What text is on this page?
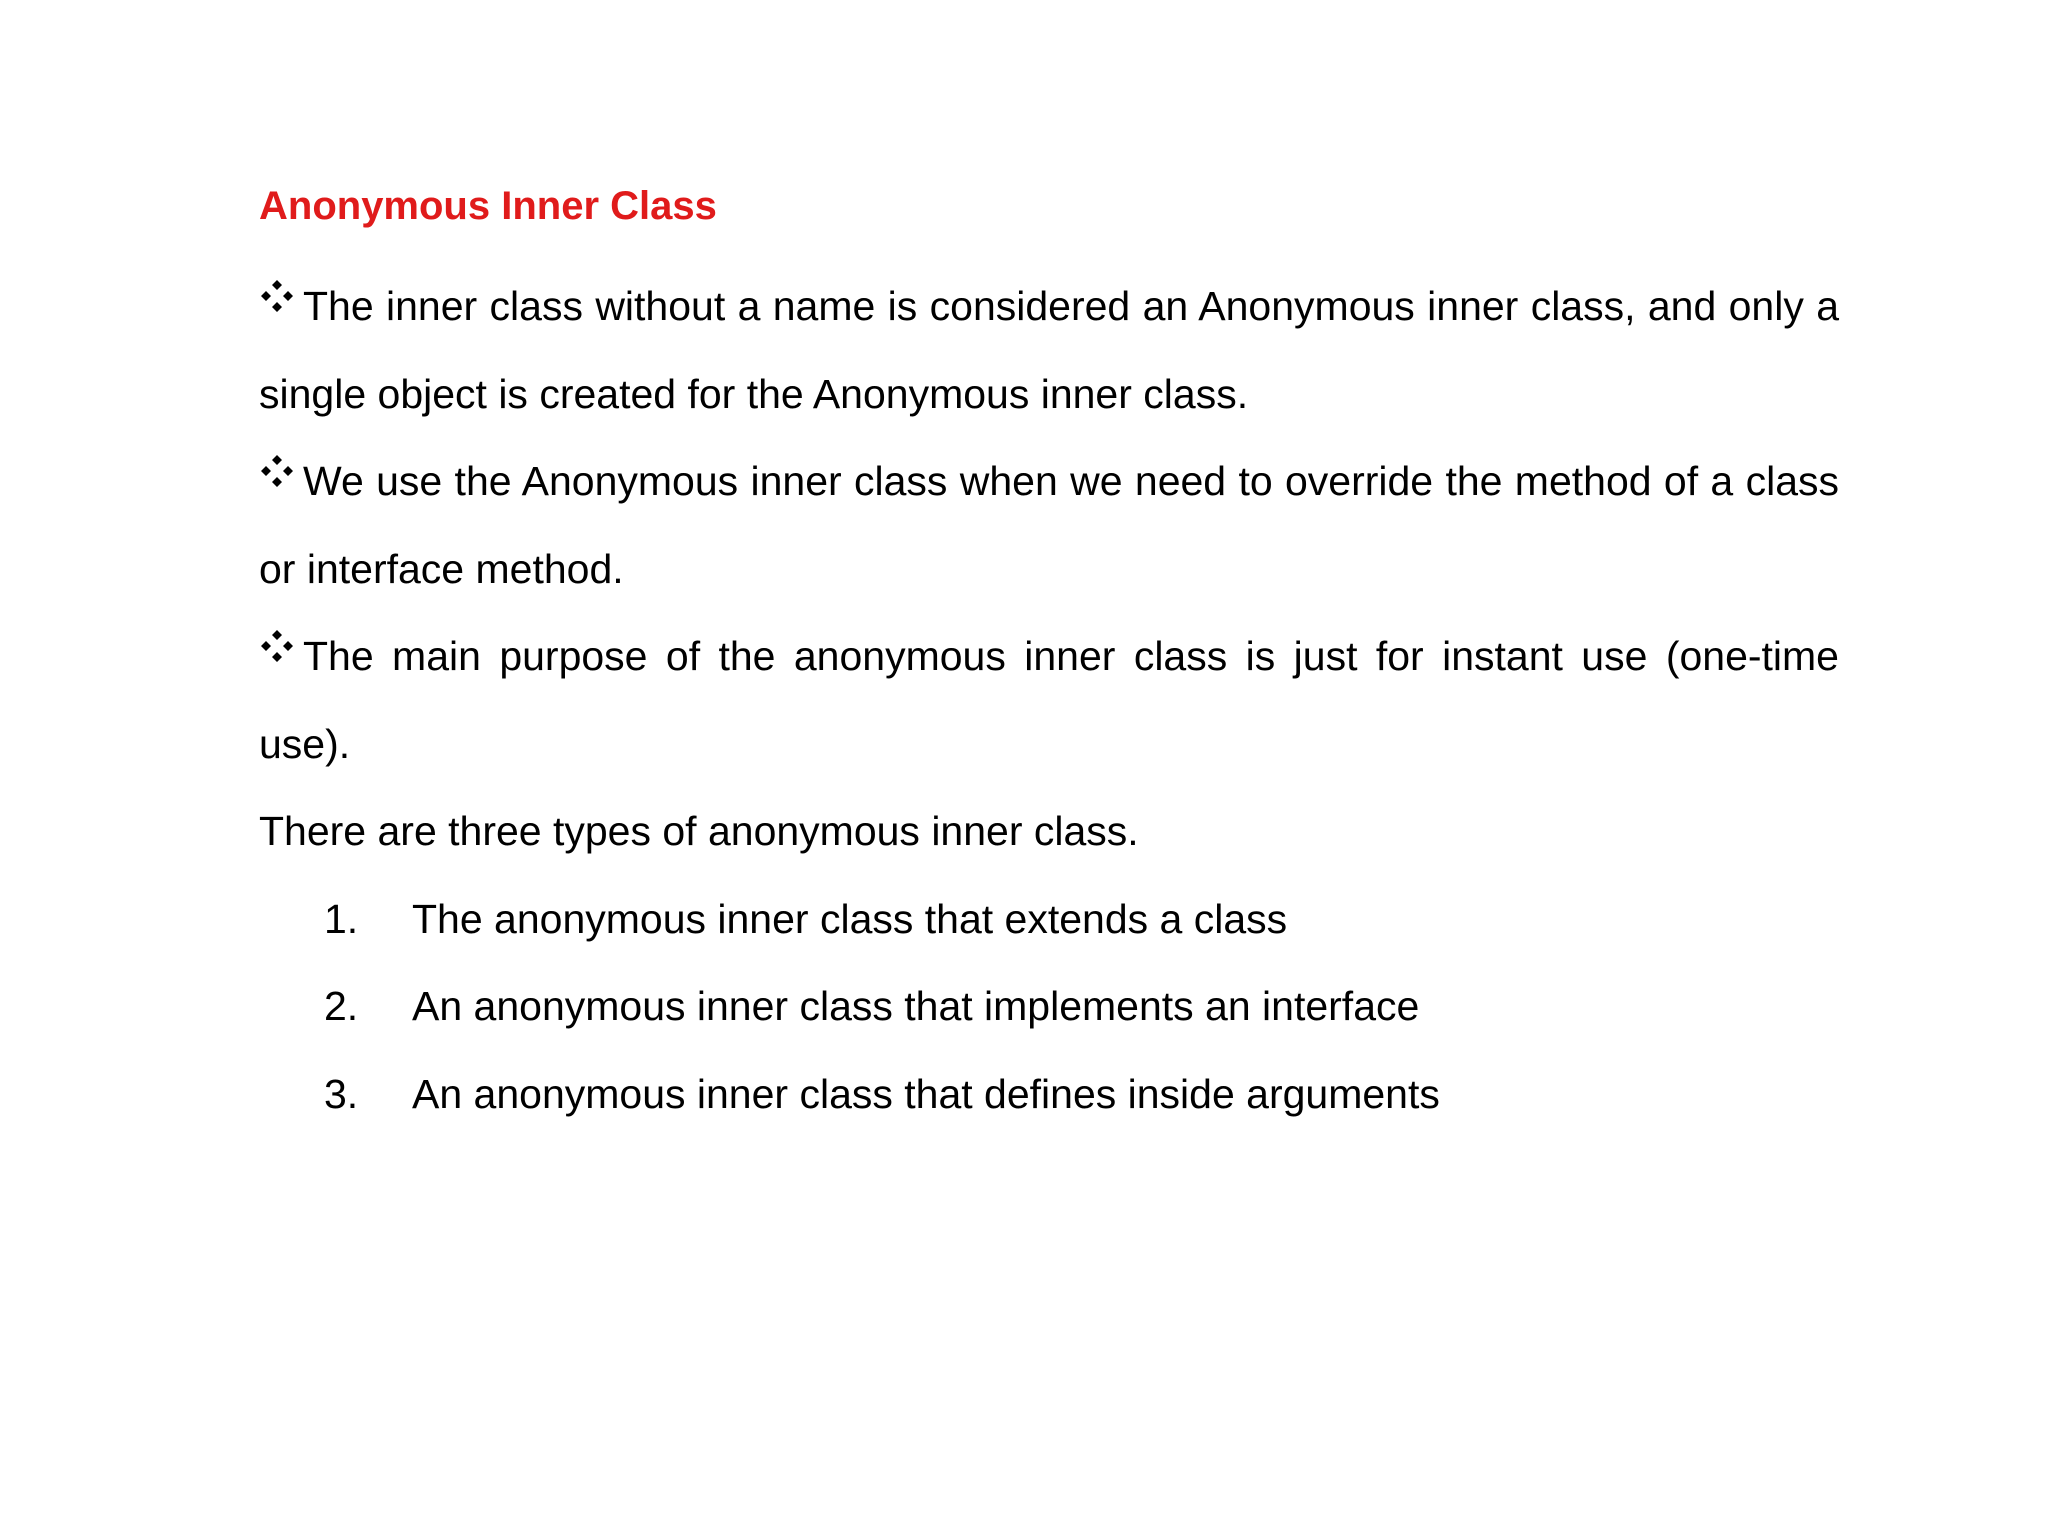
Anonymous Inner Class
The inner class without a name is considered an Anonymous inner class, and only a single object is created for the Anonymous inner class.
We use the Anonymous inner class when we need to override the method of a class or interface method.
The main purpose of the anonymous inner class is just for instant use (one-time use).
There are three types of anonymous inner class.
1. The anonymous inner class that extends a class
2. An anonymous inner class that implements an interface
3. An anonymous inner class that defines inside arguments
